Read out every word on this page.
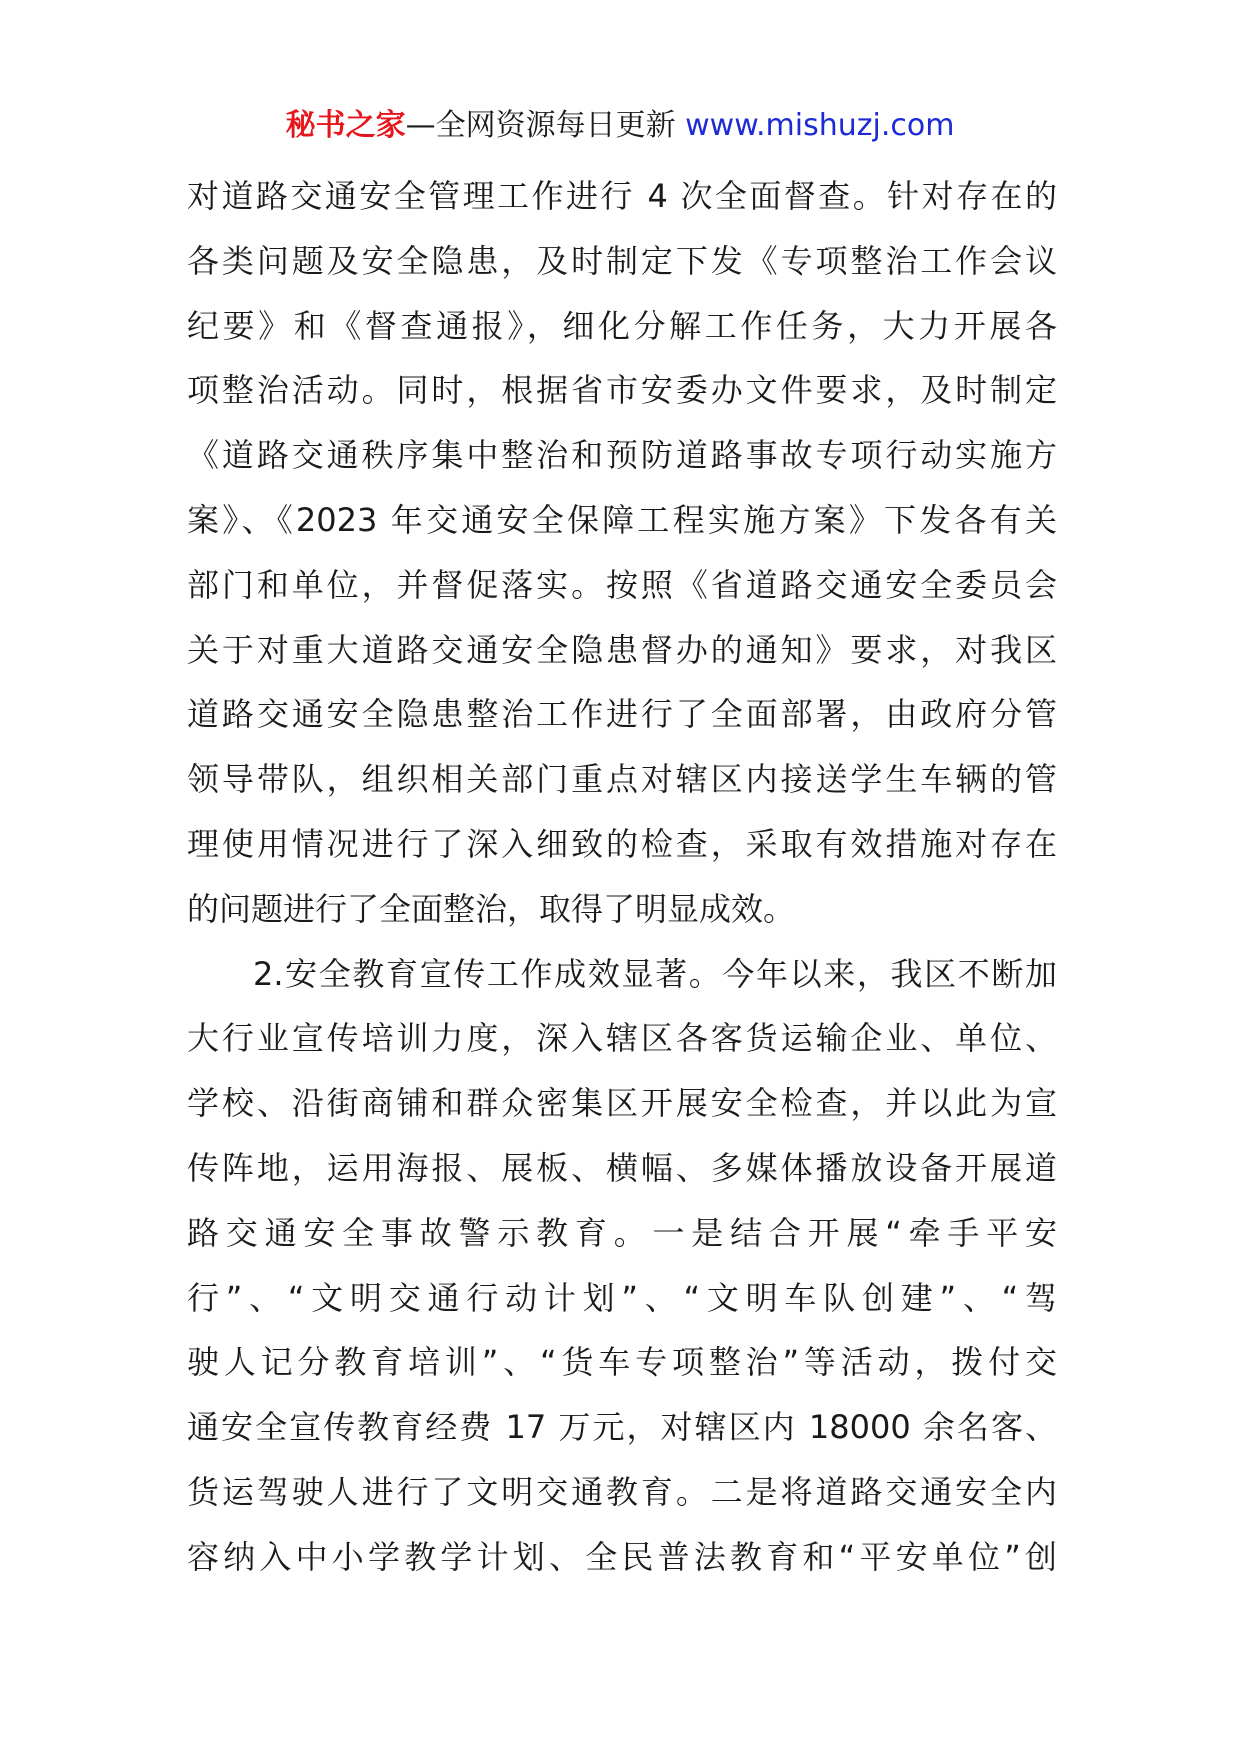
秘书之家—全网资源每日更新 www.mishuzj.com
对道路交通安全管理工作进行 4 次全面督查。针对存在的
各类问题及安全隐患，及时制定下发《专项整治工作会议
纪要》和《督查通报》，细化分解工作任务，大力开展各
项整治活动。同时，根据省市安委办文件要求，及时制定
《道路交通秩序集中整治和预防道路事故专项行动实施方
案》、《2023 年交通安全保障工程实施方案》下发各有关
部门和单位，并督促落实。按照《省道路交通安全委员会
关于对重大道路交通安全隐患督办的通知》要求，对我区
道路交通安全隐患整治工作进行了全面部署，由政府分管
领导带队，组织相关部门重点对辖区内接送学生车辆的管
理使用情况进行了深入细致的检查，采取有效措施对存在
的问题进行了全面整治，取得了明显成效。
2.安全教育宣传工作成效显著。今年以来，我区不断加
大行业宣传培训力度，深入辖区各客货运输企业、单位、
学校、沿街商铺和群众密集区开展安全检查，并以此为宣
传阵地，运用海报、展板、横幅、多媒体播放设备开展道
路交通安全事故警示教育。一是结合开展“牵手平安
行”、“文明交通行动计划”、“文明车队创建”、“驾
驶人记分教育培训”、“货车专项整治”等活动，拨付交
通安全宣传教育经费 17 万元，对辖区内 18000 余名客、
货运驾驶人进行了文明交通教育。二是将道路交通安全内
容纳入中小学教学计划、全民普法教育和“平安单位”创
